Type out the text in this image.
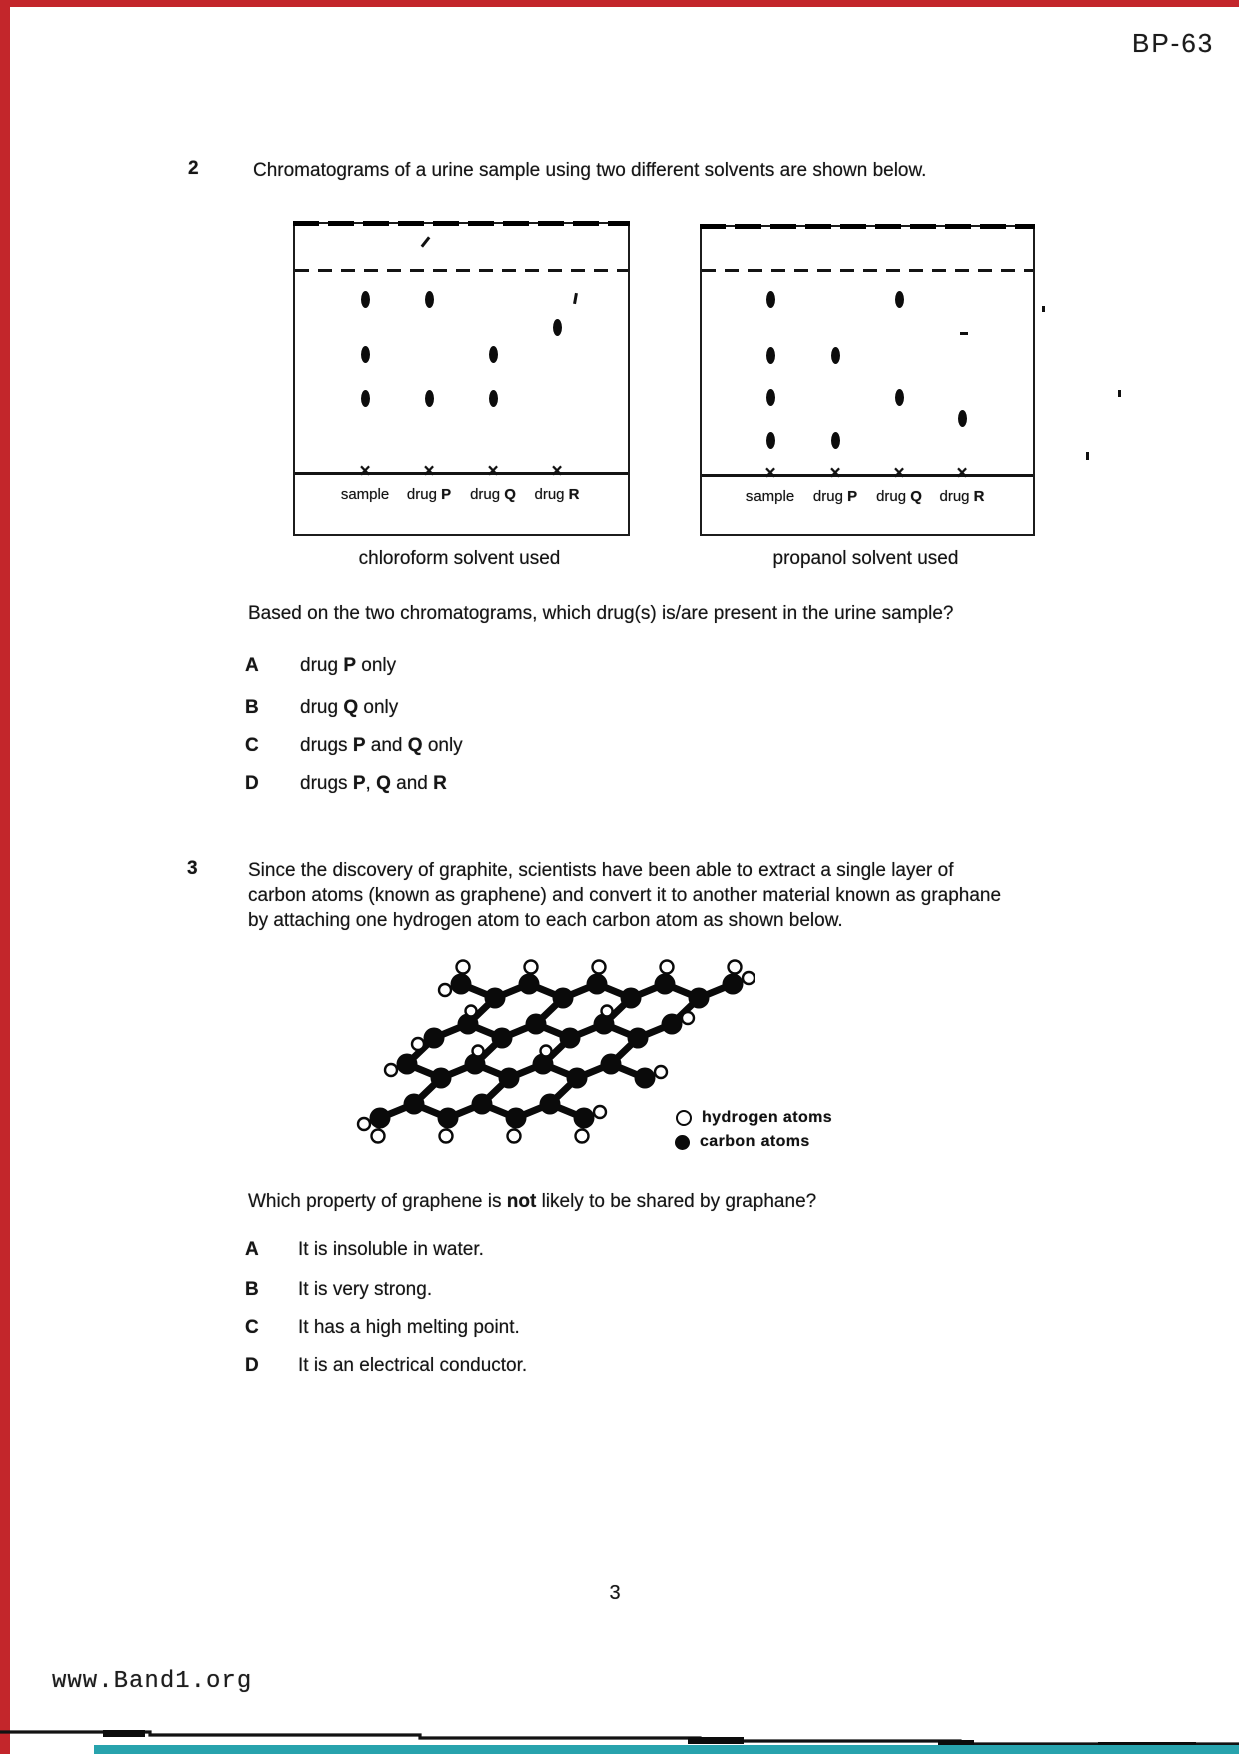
BP-63
2	Chromatograms of a urine sample using two different solvents are shown below.
×
sample
×
drug P
×
drug Q
×
drug R
×
sample
×
drug P
×
drug Q
×
drug R
chloroform solvent used	propanol solvent used
Based on the two chromatograms, which drug(s) is/are present in the urine sample?
A drug P only
B drug Q only
C drugs P and Q only
D drugs P, Q and R
3	Since the discovery of graphite, scientists have been able to extract a single layer of carbon atoms (known as graphene) and convert it to another material known as graphane by attaching one hydrogen atom to each carbon atom as shown below.
hydrogen atoms
carbon atoms
Which property of graphene is not likely to be shared by graphane?
A It is insoluble in water.
B It is very strong.
C It has a high melting point.
D It is an electrical conductor.
3
www.Band1.org
